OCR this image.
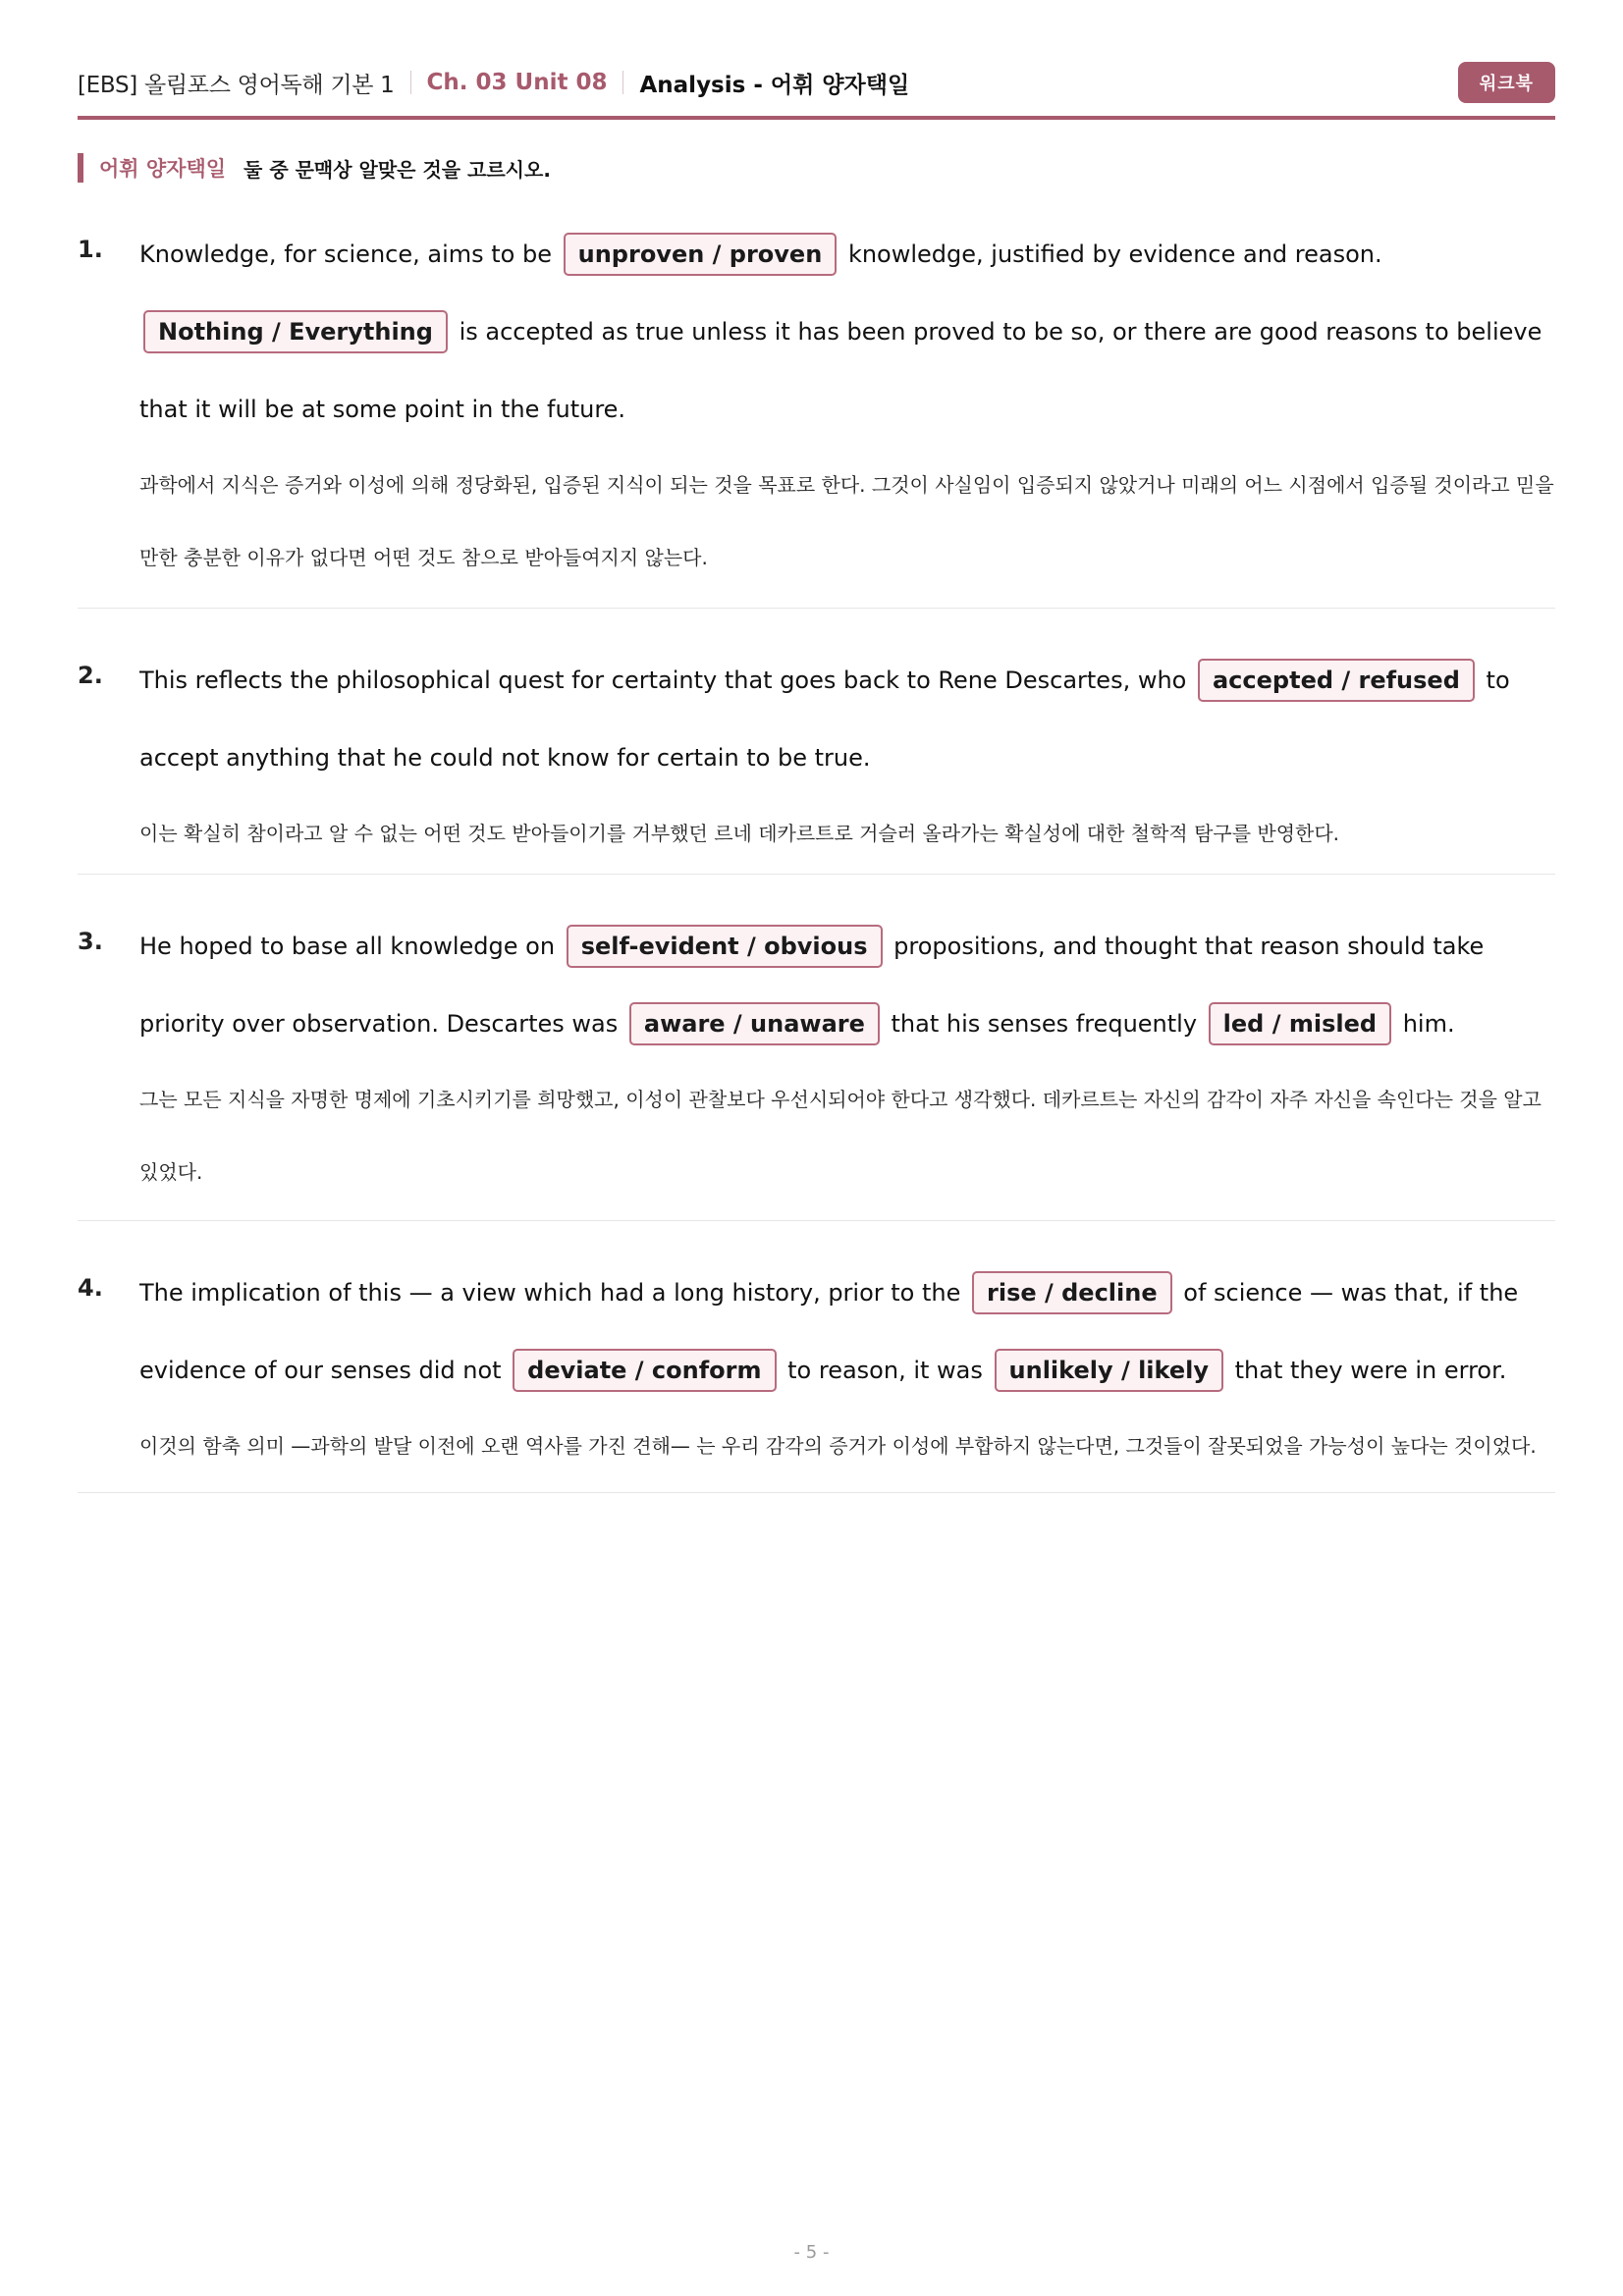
[EBS] 올림포스 영어독해 기본 1 Ch. 03 Unit 08 Analysis - 어휘 양자택일	워크북
어휘 양자택일 둘 중 문맥상 알맞은 것을 고르시오.
1. Knowledge, for science, aims to be unproven / proven knowledge, justified by evidence and reason. Nothing / Everything is accepted as true unless it has been proved to be so, or there are good reasons to believe that it will be at some point in the future.
과학에서 지식은 증거와 이성에 의해 정당화된, 입증된 지식이 되는 것을 목표로 한다. 그것이 사실임이 입증되지 않았거나 미래의 어느 시점에서 입증될 것이라고 믿을 만한 충분한 이유가 없다면 어떤 것도 참으로 받아들여지지 않는다.
2. This reflects the philosophical quest for certainty that goes back to Rene Descartes, who accepted / refused to accept anything that he could not know for certain to be true.
이는 확실히 참이라고 알 수 없는 어떤 것도 받아들이기를 거부했던 르네 데카르트로 거슬러 올라가는 확실성에 대한 철학적 탐구를 반영한다.
3. He hoped to base all knowledge on self-evident / obvious propositions, and thought that reason should take priority over observation. Descartes was aware / unaware that his senses frequently led / misled him.
그는 모든 지식을 자명한 명제에 기초시키기를 희망했고, 이성이 관찰보다 우선시되어야 한다고 생각했다. 데카르트는 자신의 감각이 자주 자신을 속인다는 것을 알고 있었다.
4. The implication of this — a view which had a long history, prior to the rise / decline of science — was that, if the evidence of our senses did not deviate / conform to reason, it was unlikely / likely that they were in error.
이것의 함축 의미 —과학의 발달 이전에 오랜 역사를 가진 견해— 는 우리 감각의 증거가 이성에 부합하지 않는다면, 그것들이 잘못되었을 가능성이 높다는 것이었다.
- 5 -
